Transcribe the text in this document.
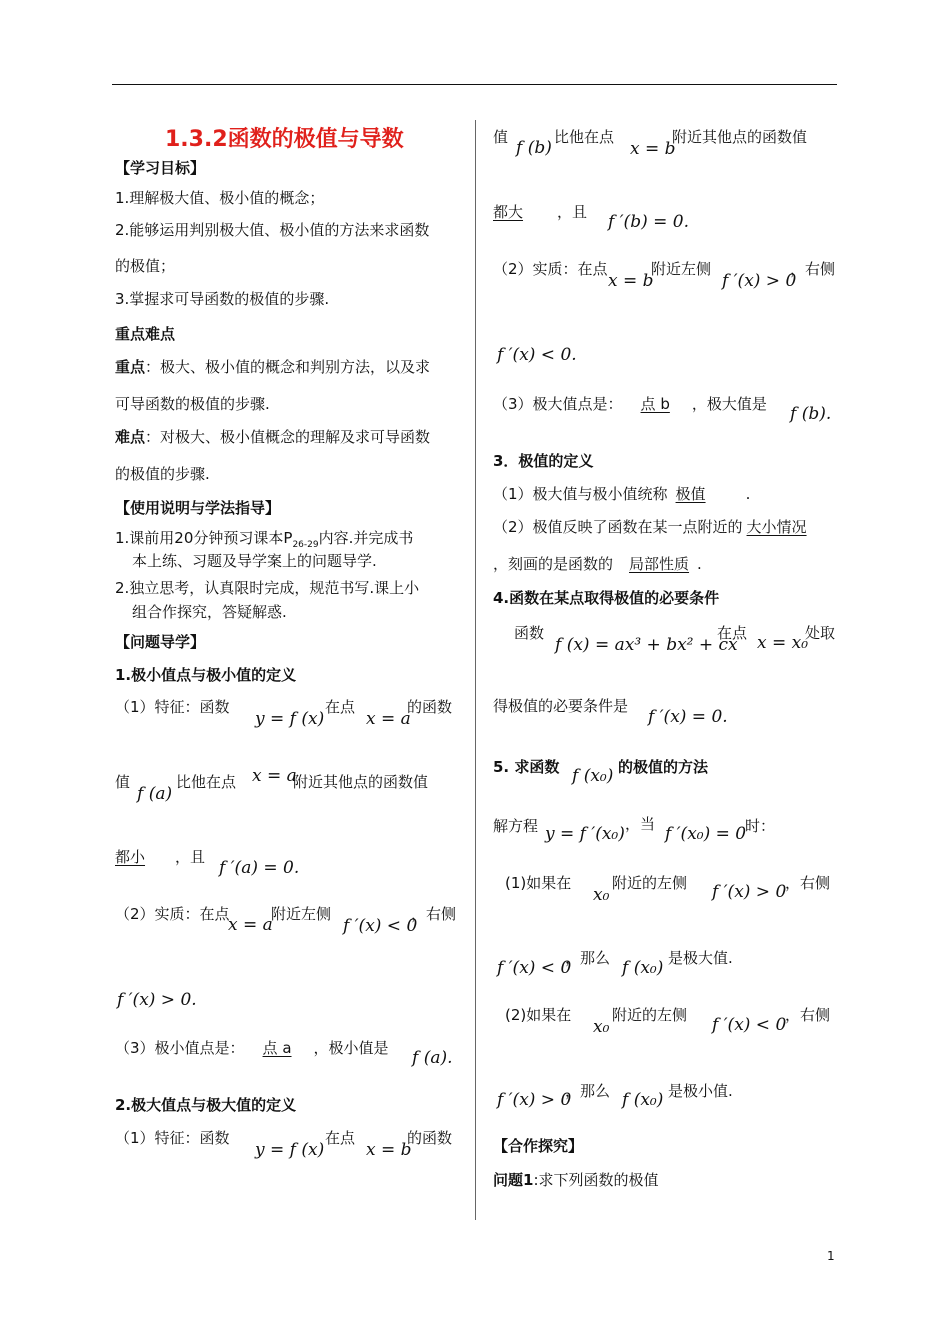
1.3.2函数的极值与导数
【学习目标】
1.理解极大值、极小值的概念；
2.能够运用判别极大值、极小值的方法来求函数
的极值；
3.掌握求可导函数的极值的步骤.
重点难点
重点：极大、极小值的概念和判别方法，以及求
可导函数的极值的步骤.
难点：对极大、极小值概念的理解及求可导函数
的极值的步骤.
【使用说明与学法指导】
1.课前用20分钟预习课本$P_{26-29}$内容.并完成书
本上练、习题及导学案上的问题导学.
2.独立思考，认真限时完成，规范书写.课上小
组合作探究，答疑解惑.
【问题导学】
1.极小值点与极小值的定义
（1）特征：函数
y = f (x)
在点
x = a
的函数
值
f (a)
比他在点 x = a
附近其他点的函数值
都小 ，且
f ′(a) = 0.
（2）实质：在点
x = a
附近左侧
f ′(x) < 0
，右侧
f ′(x) > 0.
（3）极小值点是： 点 a ，极小值是 f (a).
2.极大值点与极大值的定义
（1）特征：函数
y = f (x)
在点
x = b
的函数
值
f (b)
比他在点
x = b
附近其他点的函数值
都大 ，且 f ′(b) = 0.
（2）实质：在点
x = b
附近左侧
f ′(x) > 0
，右侧
f ′(x) < 0.
（3）极大值点是： 点 b ，极大值是 f (b).
3．极值的定义
（1）极大值与极小值统称 极值	.
（2）极值反映了函数在某一点附近的 大小情况
，刻画的是函数的 局部性质 .
4.函数在某点取得极值的必要条件
函数
f (x) = ax³ + bx² + cx
在点 x = x₀
处取
得极值的必要条件是
f ′(x) = 0.
5. 求函数 f (x₀) 的极值的方法
解方程 y = f ′(x₀) ，当 f ′(x₀) = 0
时：
(1)如果在
x₀
附近的左侧 f ′(x) > 0
，右侧
f ′(x) < 0
，那么 f (x₀) 是极大值.
(2)如果在
x₀
附近的左侧 f ′(x) < 0
，右侧
f ′(x) > 0
，那么 f (x₀) 是极小值.
【合作探究】
问题1:求下列函数的极值
1
